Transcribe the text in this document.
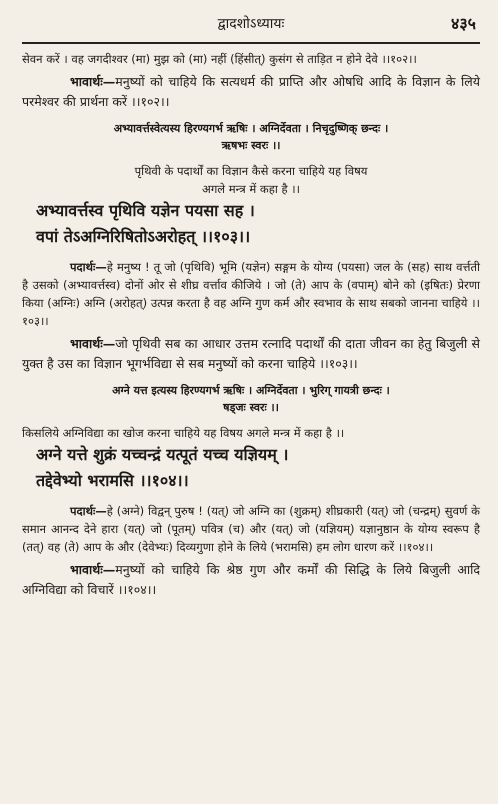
द्वादशोऽध्यायः	४३५

सेवन करें । वह जगदीश्वर (मा) मुझ को (मा) नहीं (हिंसीत्) कुसंग से ताड़ित न होने देवे ।।१०२।।

भावार्थः—मनुष्यों को चाहिये कि सत्यधर्म की प्राप्ति और ओषधि आदि के विज्ञान के लिये परमेश्वर की प्रार्थना करें ।।१०२।।

अभ्यावर्त्तस्वेत्यस्य हिरण्यगर्भ ऋषिः । अग्निर्देवता । निचृदुष्णिक् छन्दः ।

ऋषभः स्वरः ।।

पृथिवी के पदार्थों का विज्ञान कैसे करना चाहिये यह विषय

अगले मन्त्र में कहा है ।।

अभ्यावर्त्तस्व पृथिवि यज्ञेन पयसा सह ।

वपां तेऽअग्निरिषितोऽअरोहत् ।।१०३।।

पदार्थः—हे मनुष्य ! तू जो (पृथिवि) भूमि (यज्ञेन) सङ्गम के योग्य (पयसा) जल के (सह) साथ वर्त्तती है उसको (अभ्यावर्त्तस्व) दोनों ओर से शीघ्र वर्त्ताव कीजिये । जो (ते) आप के (वपाम्) बोने को (इषितः) प्रेरणा किया (अग्निः) अग्नि (अरोहत्) उत्पन्न करता है वह अग्नि गुण कर्म और स्वभाव के साथ सबको जानना चाहिये ।।१०३।।

भावार्थः—जो पृथिवी सब का आधार उत्तम रत्नादि पदार्थों की दाता जीवन का हेतु बिजुली से युक्त है उस का विज्ञान भूगर्भविद्या से सब मनुष्यों को करना चाहिये ।।१०३।।

अग्ने यत्त इत्यस्य हिरण्यगर्भ ऋषिः । अग्निर्देवता । भुरिग् गायत्री छन्दः ।

षड्जः स्वरः ।।

किसलिये अग्निविद्या का खोज करना चाहिये यह विषय अगले मन्त्र में कहा है ।।

अग्ने यत्ते शुक्रं यच्चन्द्रं यत्पूतं यच्च यज्ञियम् ।

तद्देवेभ्यो भरामसि ।।१०४।।

पदार्थः—हे (अग्ने) विद्वन् पुरुष ! (यत्) जो अग्नि का (शुक्रम्) शीघ्रकारी (यत्) जो (चन्द्रम्) सुवर्ण के समान आनन्द देने हारा (यत्) जो (पूतम्) पवित्र (च) और (यत्) जो (यज्ञियम्) यज्ञानुष्ठान के योग्य स्वरूप है (तत्) वह (ते) आप के और (देवेभ्यः) दिव्यगुणा होने के लिये (भरामसि) हम लोग धारण करें ।।१०४।।

भावार्थः—मनुष्यों को चाहिये कि श्रेष्ठ गुण और कर्मों की सिद्धि के लिये बिजुली आदि अग्निविद्या को विचारें ।।१०४।।
